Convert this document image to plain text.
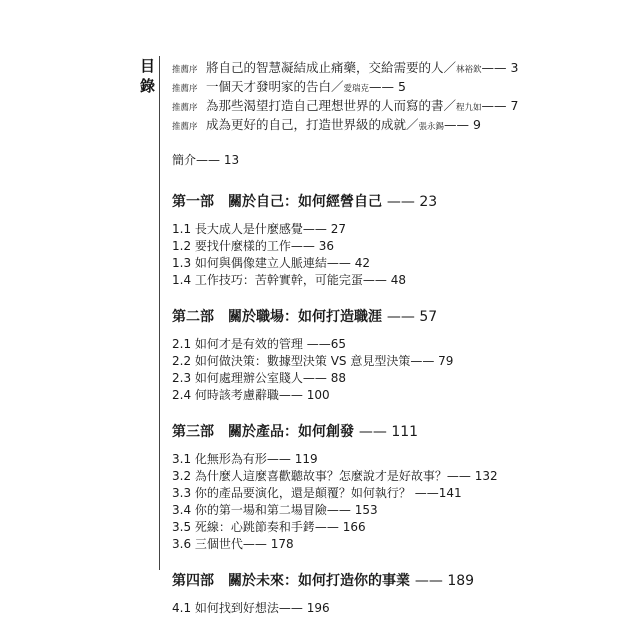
目錄
推薦序 將自己的智慧凝結成止痛藥，交給需要的人／ 林裕欽 —— 3
推薦序 一個天才發明家的告白／ 愛瑞克 —— 5
推薦序 為那些渴望打造自己理想世界的人而寫的書／ 程九如 —— 7
推薦序 成為更好的自己，打造世界級的成就／ 張永錫 —— 9
簡介—— 13
第一部　關於自己：如何經營自己 —— 23
1.1 長大成人是什麼感覺—— 27
1.2 要找什麼樣的工作—— 36
1.3 如何與偶像建立人脈連結—— 42
1.4 工作技巧：苦幹實幹，可能完蛋—— 48
第二部　關於職場：如何打造職涯 —— 57
2.1 如何才是有效的管理 ——65
2.2 如何做決策：數據型決策 VS 意見型決策—— 79
2.3 如何處理辦公室賤人—— 88
2.4 何時該考慮辭職—— 100
第三部　關於產品：如何創發 —— 111
3.1 化無形為有形—— 119
3.2 為什麼人這麼喜歡聽故事？怎麼說才是好故事？—— 132
3.3 你的產品要演化，還是顛覆？如何執行？ ——141
3.4 你的第一場和第二場冒險—— 153
3.5 死線：心跳節奏和手銬—— 166
3.6 三個世代—— 178
第四部　關於未來：如何打造你的事業 —— 189
4.1 如何找到好想法—— 196
